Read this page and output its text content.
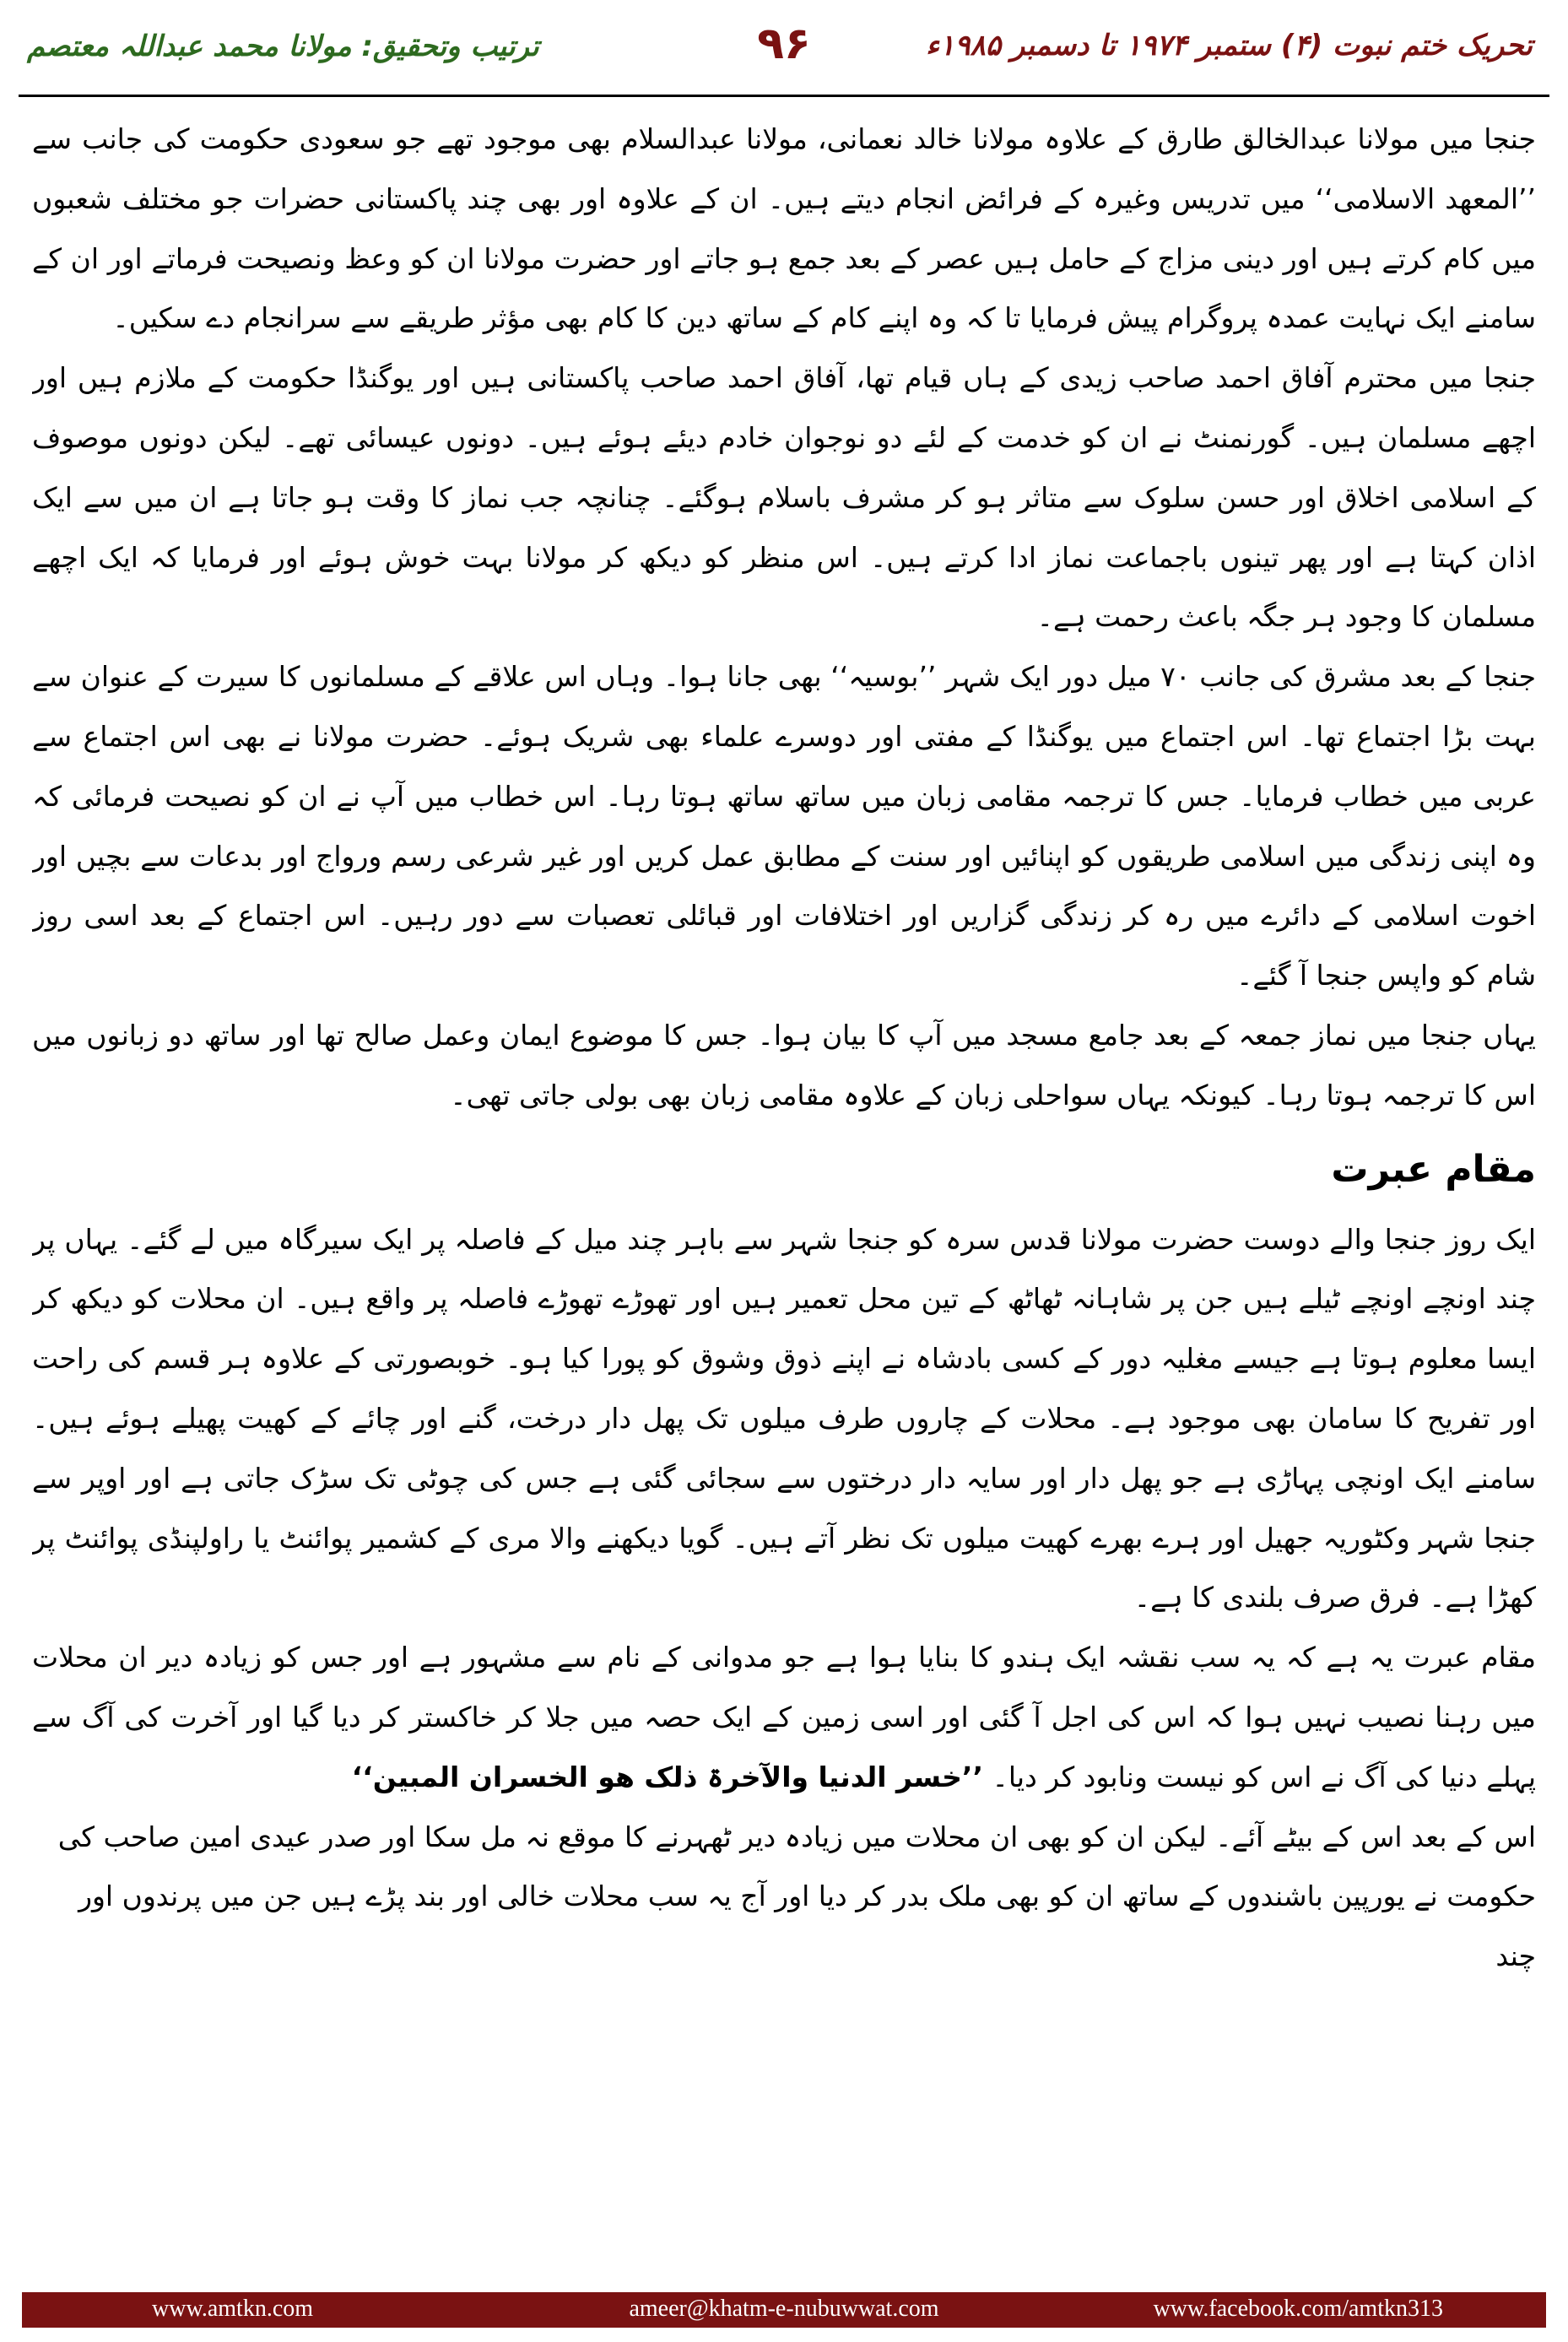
تحریک ختم نبوت (۴) ستمبر ۱۹۷۴ تا دسمبر ۱۹۸۵ء
۹۶
ترتیب وتحقیق: مولانا محمد عبداللہ معتصم

جنجا میں مولانا عبدالخالق طارق کے علاوہ مولانا خالد نعمانی، مولانا عبدالسلام بھی موجود تھے جو سعودی حکومت کی جانب سے ’’المعھد الاسلامی‘‘ میں تدریس وغیرہ کے فرائض انجام دیتے ہیں۔ ان کے علاوہ اور بھی چند پاکستانی حضرات جو مختلف شعبوں میں کام کرتے ہیں اور دینی مزاج کے حامل ہیں عصر کے بعد جمع ہو جاتے اور حضرت مولانا ان کو وعظ ونصیحت فرماتے اور ان کے سامنے ایک نہایت عمدہ پروگرام پیش فرمایا تا کہ وہ اپنے کام کے ساتھ دین کا کام بھی مؤثر طریقے سے سرانجام دے سکیں۔

جنجا میں محترم آفاق احمد صاحب زیدی کے ہاں قیام تھا، آفاق احمد صاحب پاکستانی ہیں اور یوگنڈا حکومت کے ملازم ہیں اور اچھے مسلمان ہیں۔ گورنمنٹ نے ان کو خدمت کے لئے دو نوجوان خادم دیئے ہوئے ہیں۔ دونوں عیسائی تھے۔ لیکن دونوں موصوف کے اسلامی اخلاق اور حسن سلوک سے متاثر ہو کر مشرف باسلام ہوگئے۔ چنانچہ جب نماز کا وقت ہو جاتا ہے ان میں سے ایک اذان کہتا ہے اور پھر تینوں باجماعت نماز ادا کرتے ہیں۔ اس منظر کو دیکھ کر مولانا بہت خوش ہوئے اور فرمایا کہ ایک اچھے مسلمان کا وجود ہر جگہ باعث رحمت ہے۔

جنجا کے بعد مشرق کی جانب ۷۰ میل دور ایک شہر ’’بوسیہ‘‘ بھی جانا ہوا۔ وہاں اس علاقے کے مسلمانوں کا سیرت کے عنوان سے بہت بڑا اجتماع تھا۔ اس اجتماع میں یوگنڈا کے مفتی اور دوسرے علماء بھی شریک ہوئے۔ حضرت مولانا نے بھی اس اجتماع سے عربی میں خطاب فرمایا۔ جس کا ترجمہ مقامی زبان میں ساتھ ساتھ ہوتا رہا۔ اس خطاب میں آپ نے ان کو نصیحت فرمائی کہ وہ اپنی زندگی میں اسلامی طریقوں کو اپنائیں اور سنت کے مطابق عمل کریں اور غیر شرعی رسم ورواج اور بدعات سے بچیں اور اخوت اسلامی کے دائرے میں رہ کر زندگی گزاریں اور اختلافات اور قبائلی تعصبات سے دور رہیں۔ اس اجتماع کے بعد اسی روز شام کو واپس جنجا آ گئے۔

یہاں جنجا میں نماز جمعہ کے بعد جامع مسجد میں آپ کا بیان ہوا۔ جس کا موضوع ایمان وعمل صالح تھا اور ساتھ دو زبانوں میں اس کا ترجمہ ہوتا رہا۔ کیونکہ یہاں سواحلی زبان کے علاوہ مقامی زبان بھی بولی جاتی تھی۔

مقام عبرت

ایک روز جنجا والے دوست حضرت مولانا قدس سرہ کو جنجا شہر سے باہر چند میل کے فاصلہ پر ایک سیرگاہ میں لے گئے۔ یہاں پر چند اونچے اونچے ٹیلے ہیں جن پر شاہانہ ٹھاٹھ کے تین محل تعمیر ہیں اور تھوڑے تھوڑے فاصلہ پر واقع ہیں۔ ان محلات کو دیکھ کر ایسا معلوم ہوتا ہے جیسے مغلیہ دور کے کسی بادشاہ نے اپنے ذوق وشوق کو پورا کیا ہو۔ خوبصورتی کے علاوہ ہر قسم کی راحت اور تفریح کا سامان بھی موجود ہے۔ محلات کے چاروں طرف میلوں تک پھل دار درخت، گنے اور چائے کے کھیت پھیلے ہوئے ہیں۔ سامنے ایک اونچی پہاڑی ہے جو پھل دار اور سایہ دار درختوں سے سجائی گئی ہے جس کی چوٹی تک سڑک جاتی ہے اور اوپر سے جنجا شہر وکٹوریہ جھیل اور ہرے بھرے کھیت میلوں تک نظر آتے ہیں۔ گویا دیکھنے والا مری کے کشمیر پوائنٹ یا راولپنڈی پوائنٹ پر کھڑا ہے۔ فرق صرف بلندی کا ہے۔

مقام عبرت یہ ہے کہ یہ سب نقشہ ایک ہندو کا بنایا ہوا ہے جو مدوانی کے نام سے مشہور ہے اور جس کو زیادہ دیر ان محلات میں رہنا نصیب نہیں ہوا کہ اس کی اجل آ گئی اور اسی زمین کے ایک حصہ میں جلا کر خاکستر کر دیا گیا اور آخرت کی آگ سے پہلے دنیا کی آگ نے اس کو نیست ونابود کر دیا۔ ’’خسر الدنیا والآخرۃ ذلک ھو الخسران المبین‘‘

اس کے بعد اس کے بیٹے آئے۔ لیکن ان کو بھی ان محلات میں زیادہ دیر ٹھہرنے کا موقع نہ مل سکا اور صدر عیدی امین صاحب کی حکومت نے یورپین باشندوں کے ساتھ ان کو بھی ملک بدر کر دیا اور آج یہ سب محلات خالی اور بند پڑے ہیں جن میں پرندوں اور چند

www.amtkn.com	ameer@khatm-e-nubuwwat.com	www.facebook.com/amtkn313
